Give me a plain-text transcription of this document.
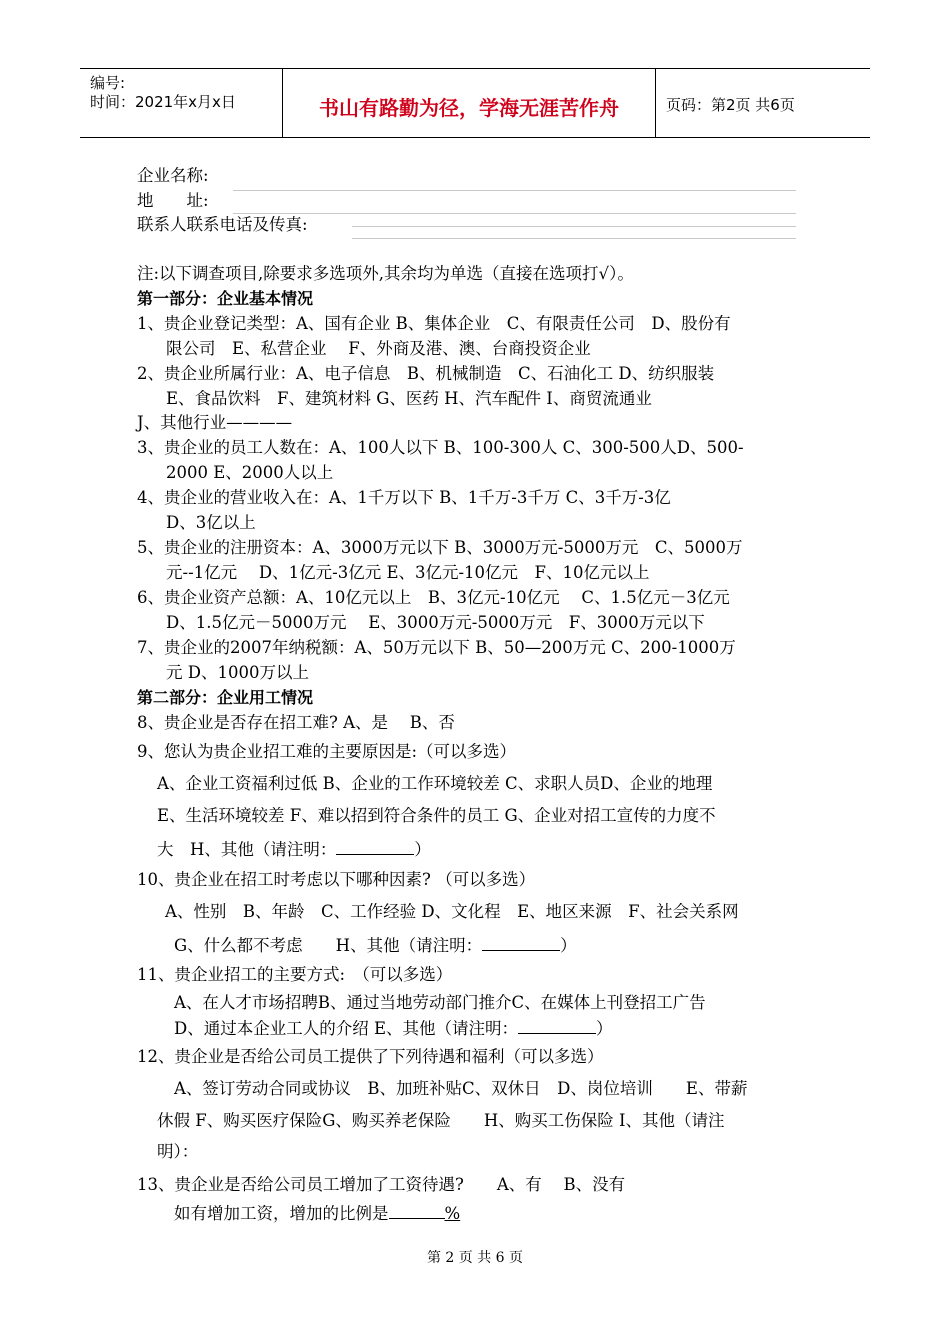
编号:
时间：2021年x月x日	书山有路勤为径，学海无涯苦作舟	页码：第2页 共6页
企业名称:
地　　址:
联系人联系电话及传真:
注:以下调查项目,除要求多选项外,其余均为单选（直接在选项打√）。
第一部分：企业基本情况
1、贵企业登记类型：A、国有企业 B、集体企业　C、有限责任公司　D、股份有
限公司　E、私营企业　 F、外商及港、澳、台商投资企业
2、贵企业所属行业：A、电子信息　B、机械制造　C、石油化工 D、纺织服装
E、食品饮料　F、建筑材料 G、医药 H、汽车配件 I、商贸流通业
J、其他行业————
3、贵企业的员工人数在：A、100人以下 B、100-300人 C、300-500人D、500-
2000 E、2000人以上
4、贵企业的营业收入在：A、1千万以下 B、1千万-3千万 C、3千万-3亿
D、3亿以上
5、贵企业的注册资本：A、3000万元以下 B、3000万元-5000万元　C、5000万
元--1亿元　 D、1亿元-3亿元 E、3亿元-10亿元　F、10亿元以上
6、贵企业资产总额：A、10亿元以上　B、3亿元-10亿元　 C、1.5亿元－3亿元
D、1.5亿元－5000万元　 E、3000万元-5000万元　F、3000万元以下
7、贵企业的2007年纳税额：A、50万元以下 B、50—200万元 C、200-1000万
元 D、1000万以上
第二部分：企业用工情况
8、贵企业是否存在招工难? A、是　 B、否
9、您认为贵企业招工难的主要原因是:（可以多选）
A、企业工资福利过低 B、企业的工作环境较差 C、求职人员D、企业的地理
E、生活环境较差 F、难以招到符合条件的员工 G、企业对招工宣传的力度不
大　H、其他（请注明：	）
10、贵企业在招工时考虑以下哪种因素? （可以多选）
A、性别　B、年龄　C、工作经验 D、文化程　E、地区来源　F、社会关系网
G、什么都不考虑　　H、其他（请注明：	）
11、贵企业招工的主要方式:　（可以多选）
A、在人才市场招聘B、通过当地劳动部门推介C、在媒体上刊登招工广告
D、通过本企业工人的介绍 E、其他（请注明：	）
12、贵企业是否给公司员工提供了下列待遇和福利（可以多选）
A、签订劳动合同或协议　B、加班补贴C、双休日　D、岗位培训　　E、带薪
休假 F、购买医疗保险G、购买养老保险　　H、购买工伤保险 I、其他（请注
明）：
13、贵企业是否给公司员工增加了工资待遇?　　A、有　 B、没有
如有增加工资，增加的比例是	%
第 2 页 共 6 页
